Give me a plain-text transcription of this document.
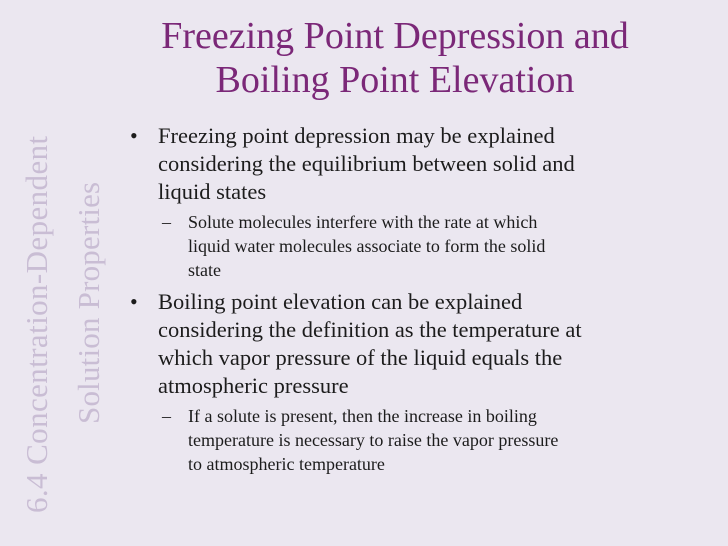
6.4 Concentration-Dependent Solution Properties
Freezing Point Depression and
Boiling Point Elevation
• Freezing point depression may be explained
considering the equilibrium between solid and
liquid states
– Solute molecules interfere with the rate at which
liquid water molecules associate to form the solid
state
• Boiling point elevation can be explained
considering the definition as the temperature at
which vapor pressure of the liquid equals the
atmospheric pressure
– If a solute is present, then the increase in boiling
temperature is necessary to raise the vapor pressure
to atmospheric temperature
